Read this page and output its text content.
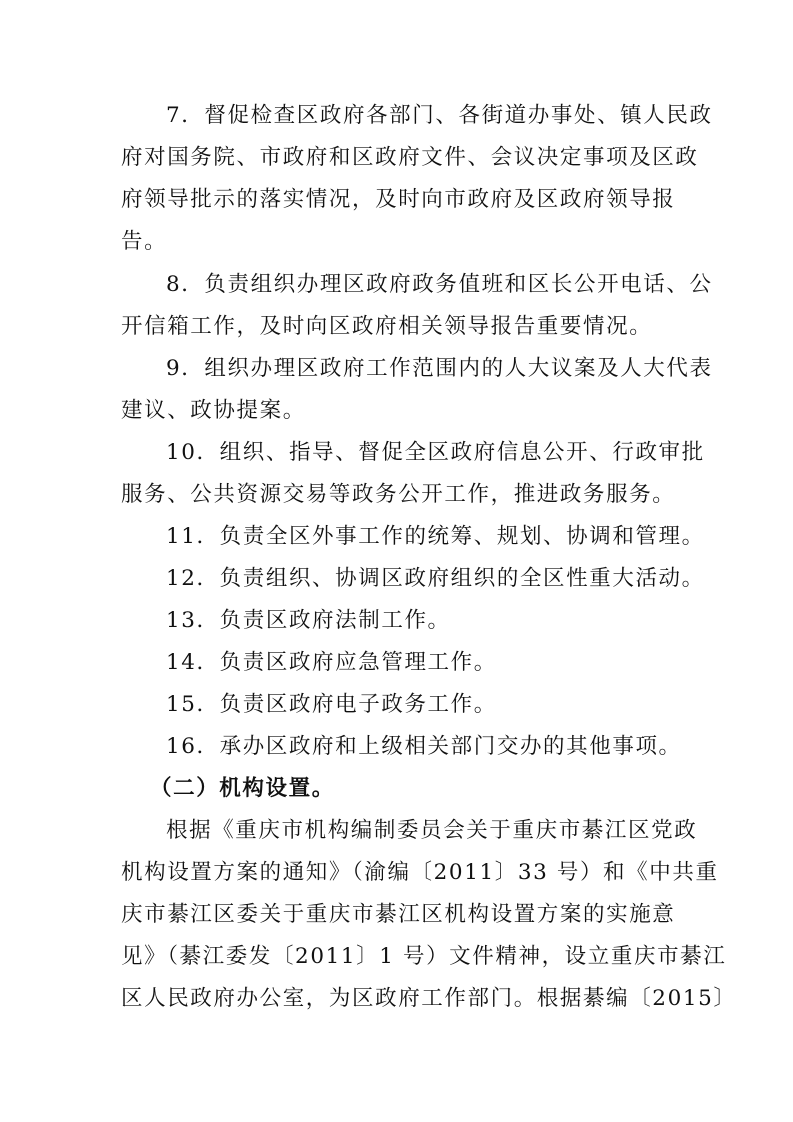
7．督促检查区政府各部门、各街道办事处、镇人民政
府对国务院、市政府和区政府文件、会议决定事项及区政
府领导批示的落实情况，及时向市政府及区政府领导报
告。
8．负责组织办理区政府政务值班和区长公开电话、公
开信箱工作，及时向区政府相关领导报告重要情况。
9．组织办理区政府工作范围内的人大议案及人大代表
建议、政协提案。
10．组织、指导、督促全区政府信息公开、行政审批
服务、公共资源交易等政务公开工作，推进政务服务。
11．负责全区外事工作的统筹、规划、协调和管理。
12．负责组织、协调区政府组织的全区性重大活动。
13．负责区政府法制工作。
14．负责区政府应急管理工作。
15．负责区政府电子政务工作。
16．承办区政府和上级相关部门交办的其他事项。
（二）机构设置。
根据《重庆市机构编制委员会关于重庆市綦江区党政
机构设置方案的通知》（渝编〔2011〕33 号）和《中共重
庆市綦江区委关于重庆市綦江区机构设置方案的实施意
见》（綦江委发〔2011〕1 号）文件精神，设立重庆市綦江
区人民政府办公室，为区政府工作部门。根据綦编〔2015〕
